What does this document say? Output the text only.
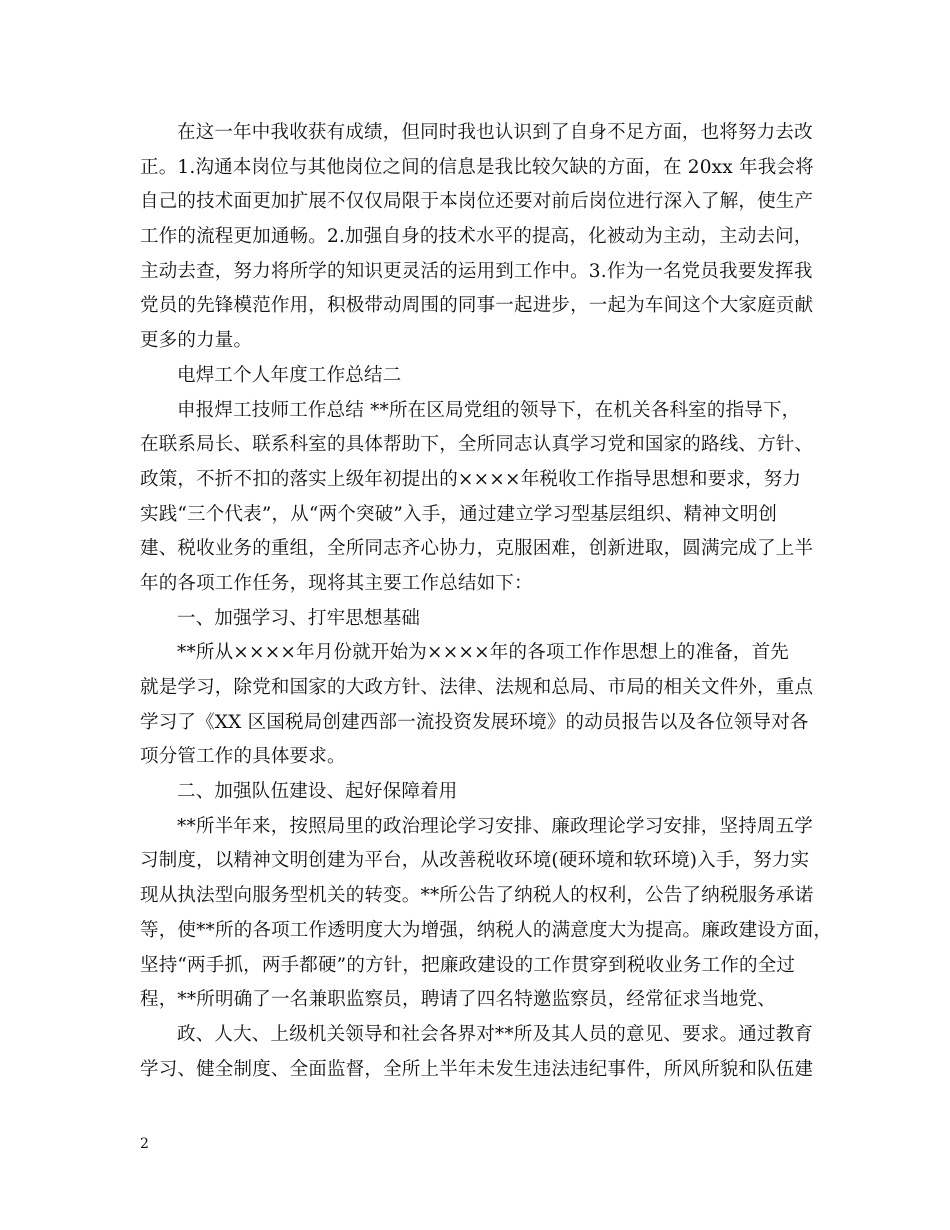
在这一年中我收获有成绩，但同时我也认识到了自身不足方面，也将努力去改
正。1.沟通本岗位与其他岗位之间的信息是我比较欠缺的方面，在 20xx 年我会将
自己的技术面更加扩展不仅仅局限于本岗位还要对前后岗位进行深入了解，使生产
工作的流程更加通畅。2.加强自身的技术水平的提高，化被动为主动，主动去问，
主动去查，努力将所学的知识更灵活的运用到工作中。3.作为一名党员我要发挥我
党员的先锋模范作用，积极带动周围的同事一起进步，一起为车间这个大家庭贡献
更多的力量。
电焊工个人年度工作总结二
申报焊工技师工作总结 **所在区局党组的领导下，在机关各科室的指导下，
在联系局长、联系科室的具体帮助下，全所同志认真学习党和国家的路线、方针、
政策，不折不扣的落实上级年初提出的××××年税收工作指导思想和要求，努力
实践“三个代表”，从“两个突破”入手，通过建立学习型基层组织、精神文明创
建、税收业务的重组，全所同志齐心协力，克服困难，创新进取，圆满完成了上半
年的各项工作任务，现将其主要工作总结如下：
一、加强学习、打牢思想基础
**所从××××年月份就开始为××××年的各项工作作思想上的准备，首先
就是学习，除党和国家的大政方针、法律、法规和总局、市局的相关文件外，重点
学习了《XX 区国税局创建西部一流投资发展环境》的动员报告以及各位领导对各
项分管工作的具体要求。
二、加强队伍建设、起好保障着用
**所半年来，按照局里的政治理论学习安排、廉政理论学习安排，坚持周五学
习制度，以精神文明创建为平台，从改善税收环境(硬环境和软环境)入手，努力实
现从执法型向服务型机关的转变。**所公告了纳税人的权利，公告了纳税服务承诺
等，使**所的各项工作透明度大为增强，纳税人的满意度大为提高。廉政建设方面，
坚持“两手抓，两手都硬”的方针，把廉政建设的工作贯穿到税收业务工作的全过
程，**所明确了一名兼职监察员，聘请了四名特邀监察员，经常征求当地党、
政、人大、上级机关领导和社会各界对**所及其人员的意见、要求。通过教育
学习、健全制度、全面监督，全所上半年未发生违法违纪事件，所风所貌和队伍建
2
